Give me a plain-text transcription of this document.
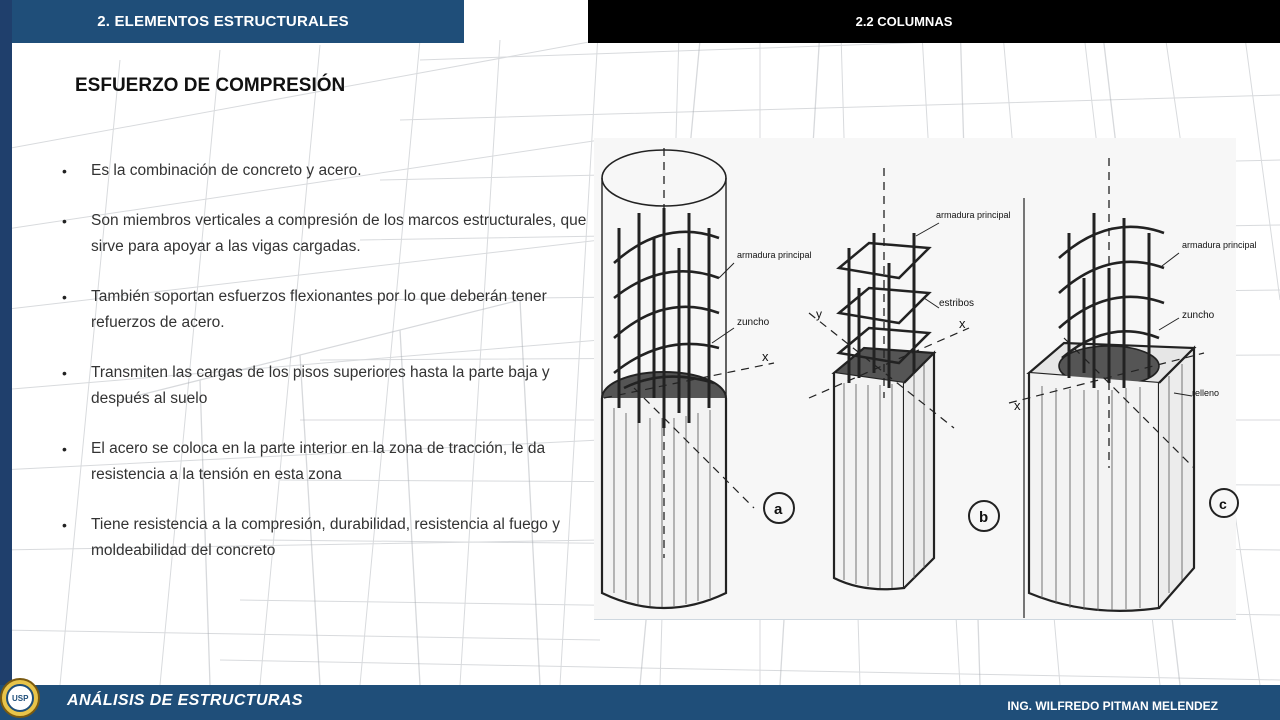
2. ELEMENTOS ESTRUCTURALES	2.2 COLUMNAS
ESFUERZO DE COMPRESIÓN
• Es la combinación de concreto y acero.
• Son miembros verticales a compresión de los marcos estructurales, que sirve para apoyar a las vigas cargadas.
• También soportan esfuerzos flexionantes por lo que deberán tener refuerzos de acero.
• Transmiten las cargas de los pisos superiores hasta la parte baja y después al suelo
• El acero se coloca en la parte interior en la zona de tracción, le da resistencia a la tensión en esta zona
• Tiene resistencia a la compresión, durabilidad, resistencia al fuego y moldeabilidad del concreto
armadura principal
zuncho
x
a
armadura principal
estribos
x
y
b
armadura principal
zuncho
relleno
x
c
ANÁLISIS DE ESTRUCTURAS	ING. WILFREDO PITMAN MELENDEZ
USP
